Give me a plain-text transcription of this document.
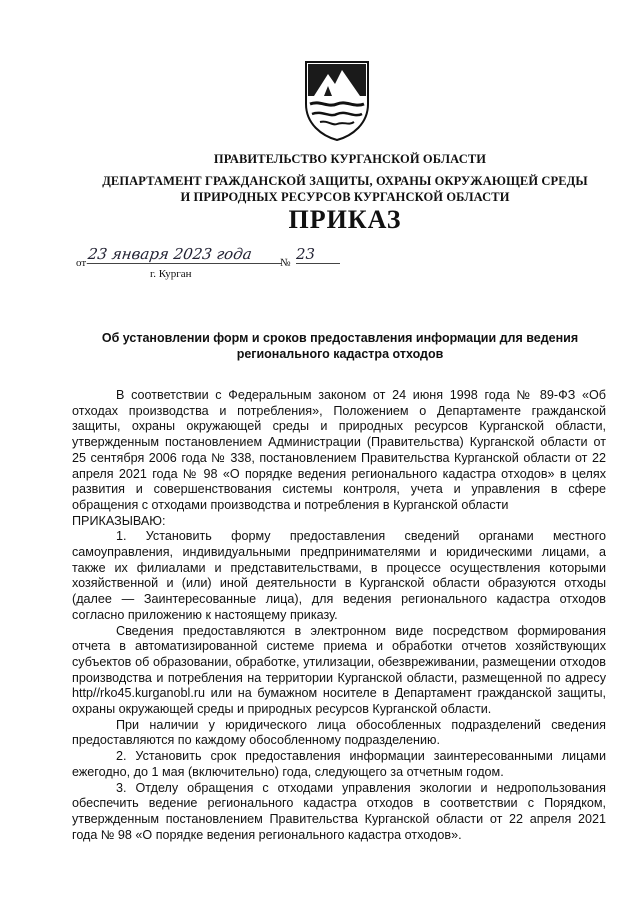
ПРАВИТЕЛЬСТВО КУРГАНСКОЙ ОБЛАСТИ
ДЕПАРТАМЕНТ ГРАЖДАНСКОЙ ЗАЩИТЫ, ОХРАНЫ ОКРУЖАЮЩЕЙ СРЕДЫ И ПРИРОДНЫХ РЕСУРСОВ КУРГАНСКОЙ ОБЛАСТИ
ПРИКАЗ
от 23 января 2023 года	№ 23
г. Курган
Об установлении форм и сроков предоставления информации для ведения регионального кадастра отходов

В соответствии с Федеральным законом от 24 июня 1998 года № 89-ФЗ «Об отходах производства и потребления», Положением о Департаменте гражданской защиты, охраны окружающей среды и природных ресурсов Курганской области, утвержденным постановлением Администрации (Правительства) Курганской области от 25 сентября 2006 года № 338, постановлением Правительства Курганской области от 22 апреля 2021 года № 98 «О порядке ведения регионального кадастра отходов» в целях развития и совершенствования системы контроля, учета и управления в сфере обращения с отходами производства и потребления в Курганской области

ПРИКАЗЫВАЮ:

1. Установить форму предоставления сведений органами местного самоуправления, индивидуальными предпринимателями и юридическими лицами, а также их филиалами и представительствами, в процессе осуществления которыми хозяйственной и (или) иной деятельности в Курганской области образуются отходы (далее — Заинтересованные лица), для ведения регионального кадастра отходов согласно приложению к настоящему приказу.

Сведения предоставляются в электронном виде посредством формирования отчета в автоматизированной системе приема и обработки отчетов хозяйствующих субъектов об образовании, обработке, утилизации, обезвреживании, размещении отходов производства и потребления на территории Курганской области, размещенной по адресу http//rko45.kurganobl.ru или на бумажном носителе в Департамент гражданской защиты, охраны окружающей среды и природных ресурсов Курганской области.

При наличии у юридического лица обособленных подразделений сведения предоставляются по каждому обособленному подразделению.

2. Установить срок предоставления информации заинтересованными лицами ежегодно, до 1 мая (включительно) года, следующего за отчетным годом.

3. Отделу обращения с отходами управления экологии и недропользования обеспечить ведение регионального кадастра отходов в соответствии с Порядком, утвержденным постановлением Правительства Курганской области от 22 апреля 2021 года № 98 «О порядке ведения регионального кадастра отходов».
